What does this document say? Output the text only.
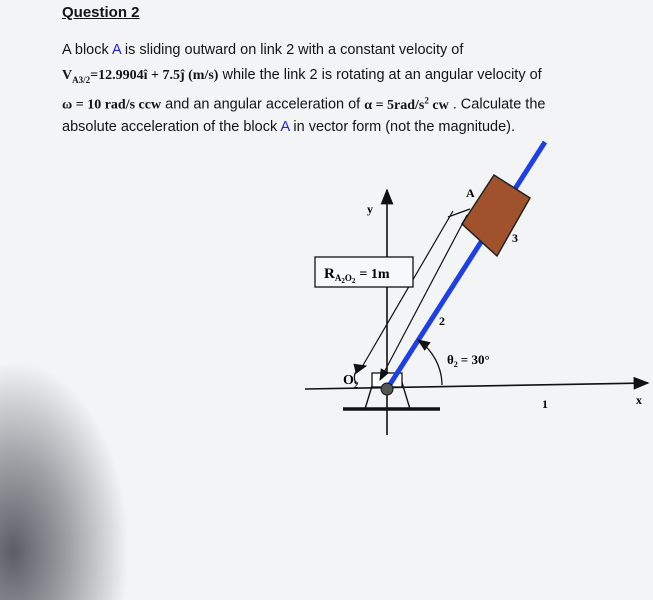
Question 2
A block A is sliding outward on link 2 with a constant velocity of
$V_{A3/2}=12.9904î$ + 7.5ĵ (m/s) while the link 2 is rotating at an angular velocity of
ω = 10 rad/s ccw and an angular acceleration of $\alpha = 5rad/s^2$ cw . Calculate the
absolute acceleration of the block A in vector form (not the magnitude).
$R_A2O2 = 1m$
$\theta_2 = 30^\circ$
y
x
A
3
2
1
$O_2$
